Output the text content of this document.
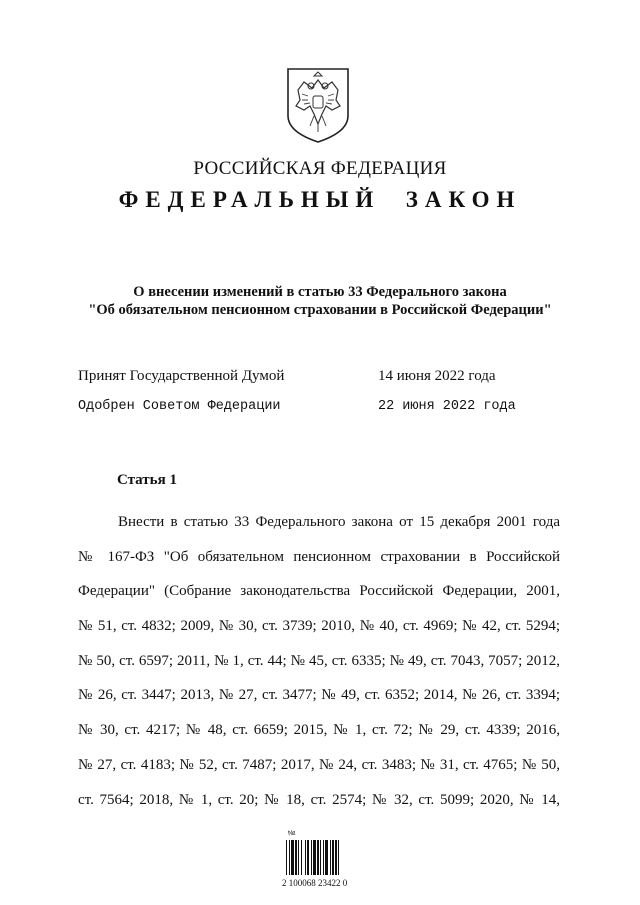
РОССИЙСКАЯ ФЕДЕРАЦИЯ
ФЕДЕРАЛЬНЫЙ  ЗАКОН
О внесении изменений в статью 33 Федерального закона
"Об обязательном пенсионном страховании в Российской Федерации"
Принят Государственной Думой	14 июня 2022 года
Одобрен Советом Федерации	22 июня 2022 года
Статья 1
Внести в статью 33 Федерального закона от 15 декабря 2001 года
№ 167-ФЗ "Об обязательном пенсионном страховании в Российской
Федерации" (Собрание законодательства Российской Федерации, 2001,
№ 51, ст. 4832; 2009, № 30, ст. 3739; 2010, № 40, ст. 4969; № 42, ст. 5294;
№ 50, ст. 6597; 2011, № 1, ст. 44; № 45, ст. 6335; № 49, ст. 7043, 7057; 2012,
№ 26, ст. 3447; 2013, № 27, ст. 3477; № 49, ст. 6352; 2014, № 26, ст. 3394;
№ 30, ст. 4217; № 48, ст. 6659; 2015, № 1, ст. 72; № 29, ст. 4339; 2016,
№ 27, ст. 4183; № 52, ст. 7487; 2017, № 24, ст. 3483; № 31, ст. 4765; № 50,
ст. 7564; 2018, № 1, ст. 20; № 18, ст. 2574; № 32, ст. 5099; 2020, № 14,
№
2 100068 23422 0
